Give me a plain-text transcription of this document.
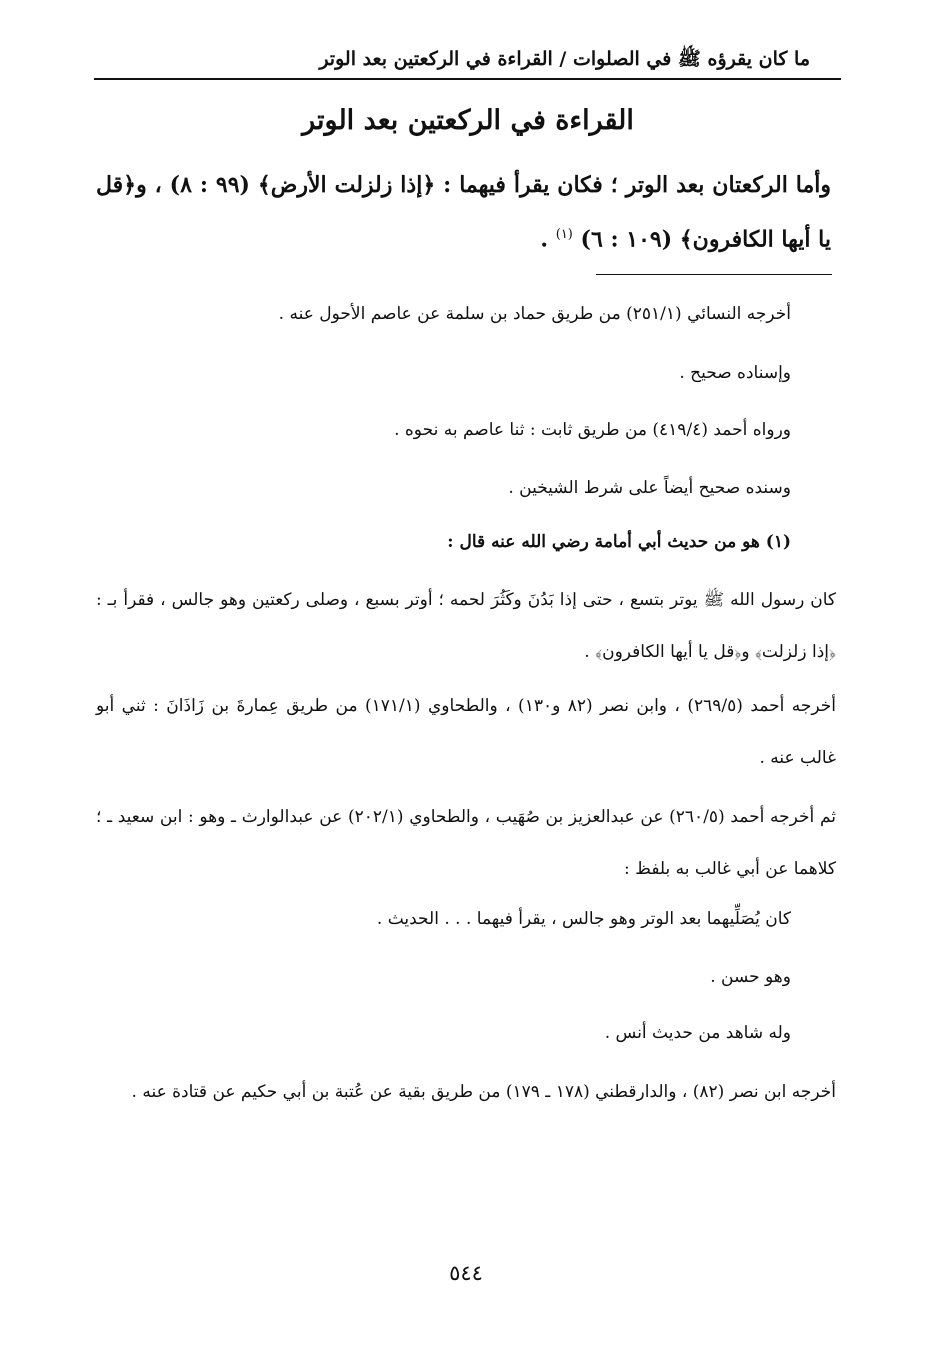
ما كان يقرؤه ﷺ في الصلوات / القراءة في الركعتين بعد الوتر
القراءة في الركعتين بعد الوتر
وأما الركعتان بعد الوتر ؛ فكان يقرأ فيهما : ﴿إذا زلزلت الأرض﴾ (٩٩ : ٨) ، و﴿قل يا أيها الكافرون﴾ (١٠٩ : ٦) $^{(١)}$ .
أخرجه النسائي (٢٥١/١) من طريق حماد بن سلمة عن عاصم الأحول عنه .
وإسناده صحيح .
ورواه أحمد (٤١٩/٤) من طريق ثابت : ثنا عاصم به نحوه .
وسنده صحيح أيضاً على شرط الشيخين .
(١) هو من حديث أبي أمامة رضي الله عنه قال :
كان رسول الله ﷺ يوتر بتسع ، حتى إذا بَدُنَ وكَثُرَ لحمه ؛ أوتر بسبع ، وصلى ركعتين وهو جالس ، فقرأ بـ : ﴿إذا زلزلت﴾ و﴿قل يا أيها الكافرون﴾ .
أخرجه أحمد (٢٦٩/٥) ، وابن نصر (٨٢ و١٣٠) ، والطحاوي (١٧١/١) من طريق عِمارةَ بن زَاذَانَ : ثني أبو غالب عنه .
ثم أخرجه أحمد (٢٦٠/٥) عن عبدالعزيز بن صُهَيب ، والطحاوي (٢٠٢/١) عن عبدالوارث ـ وهو : ابن سعيد ـ ؛ كلاهما عن أبي غالب به بلفظ :
كان يُصَلِّيهما بعد الوتر وهو جالس ، يقرأ فيهما . . . الحديث .
وهو حسن .
وله شاهد من حديث أنس .
أخرجه ابن نصر (٨٢) ، والدارقطني (١٧٨ ـ ١٧٩) من طريق بقية عن عُتبة بن أبي حكيم عن قتادة عنه .
٥٤٤
